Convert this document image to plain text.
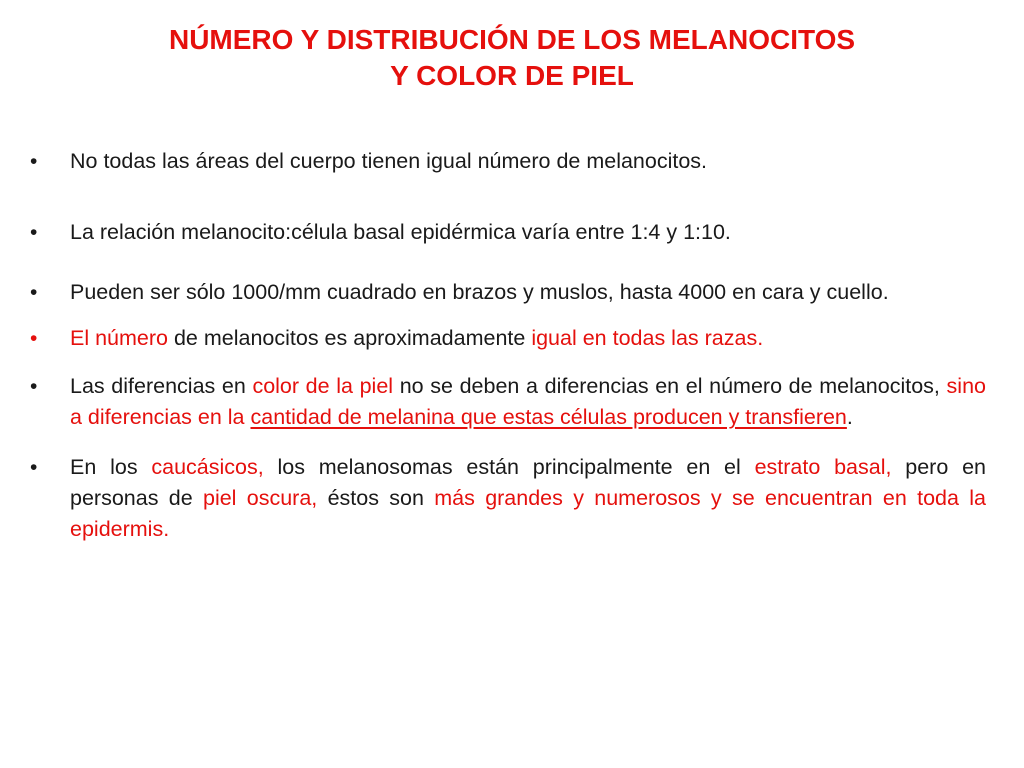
NÚMERO Y DISTRIBUCIÓN DE LOS MELANOCITOS
Y COLOR DE PIEL
•	No todas las áreas del cuerpo tienen igual número de melanocitos.
•	La relación melanocito:célula basal epidérmica varía entre 1:4 y 1:10.
•	Pueden ser sólo 1000/mm cuadrado en brazos y muslos, hasta 4000 en cara y cuello.
•	El número de melanocitos es aproximadamente igual en todas las razas.
•	Las diferencias en color de la piel no se deben a diferencias en el número de melanocitos, sino a diferencias en la cantidad de melanina que estas células producen y transfieren.
•	En los caucásicos, los melanosomas están principalmente en el estrato basal, pero en personas de piel oscura, éstos son más grandes y numerosos y se encuentran en toda la epidermis.
